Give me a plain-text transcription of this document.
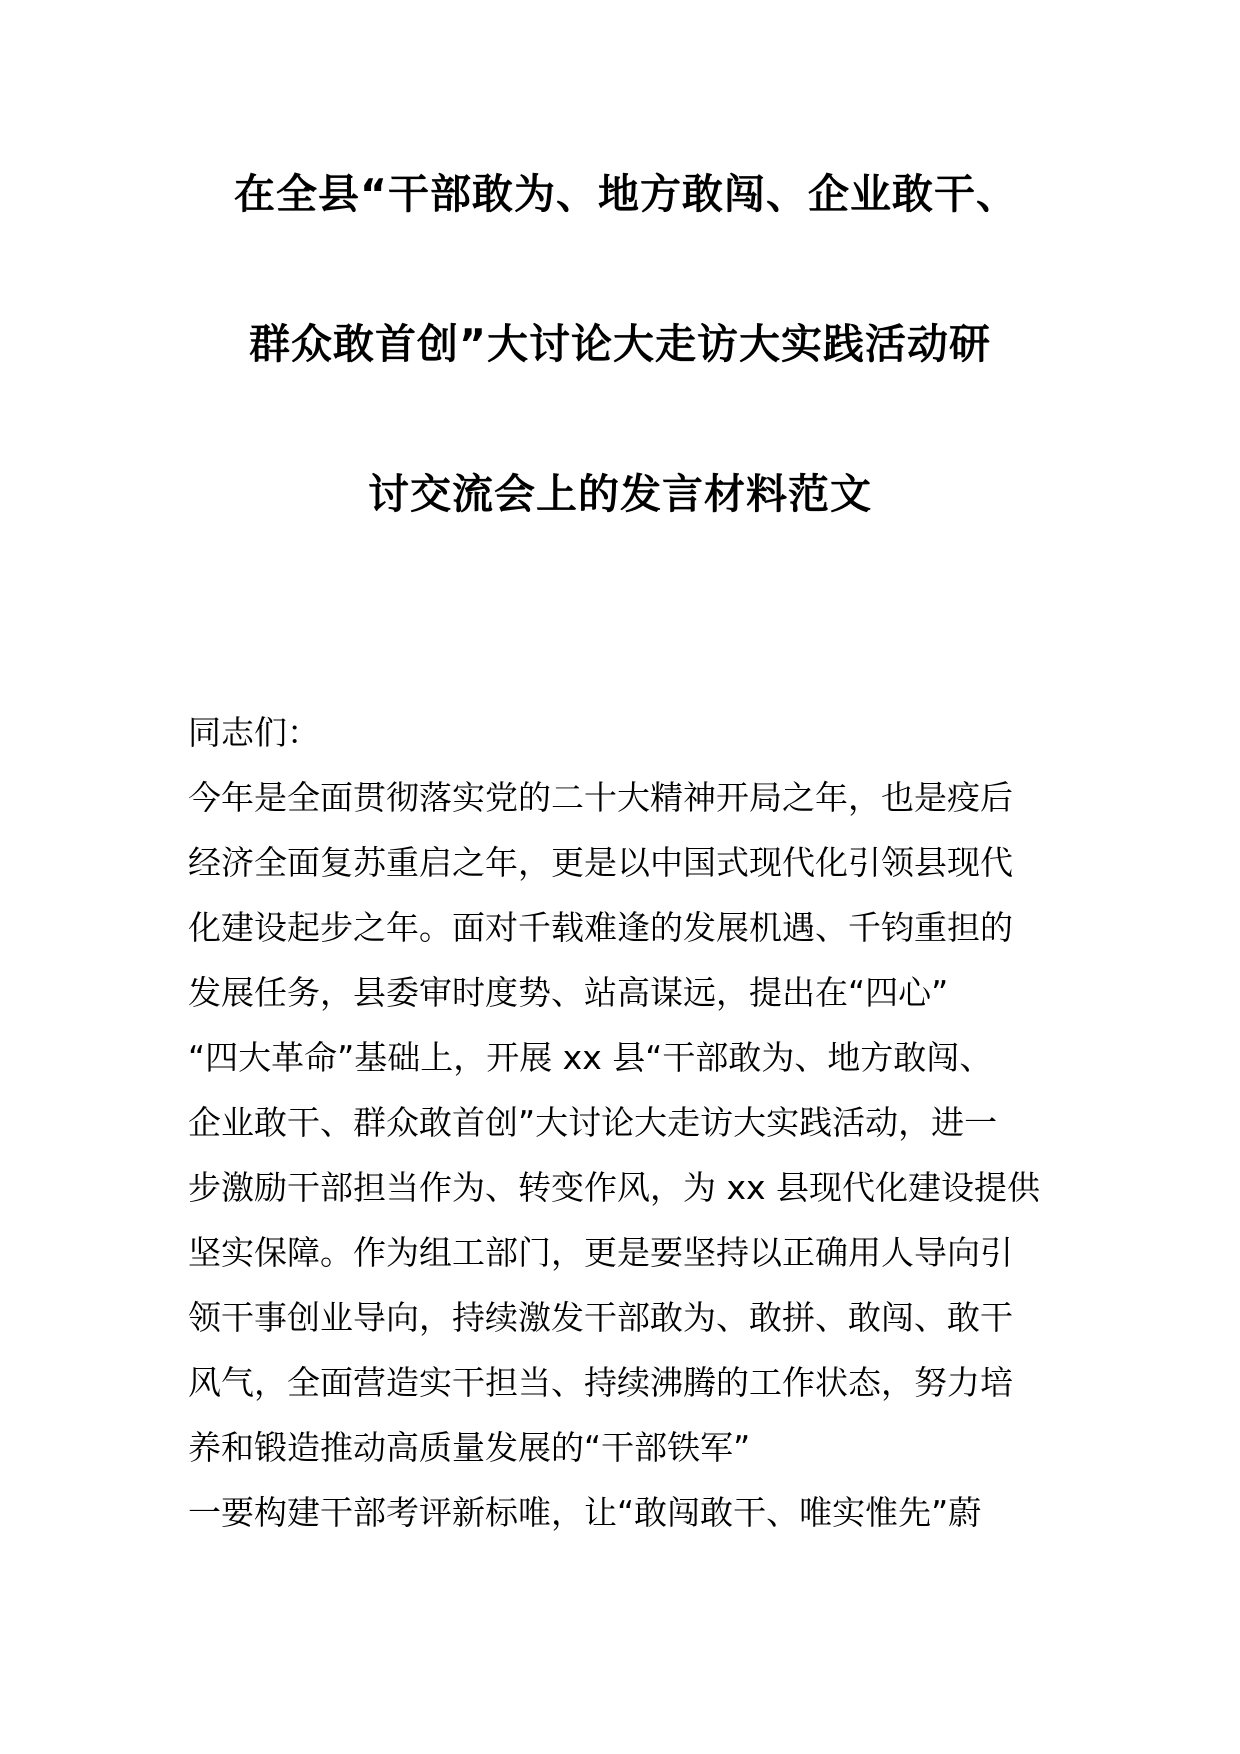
在全县“干部敢为、地方敢闯、企业敢干、
群众敢首创”大讨论大走访大实践活动研
讨交流会上的发言材料范文
同志们：
今年是全面贯彻落实党的二十大精神开局之年，也是疫后
经济全面复苏重启之年，更是以中国式现代化引领县现代
化建设起步之年。面对千载难逢的发展机遇、千钧重担的
发展任务，县委审时度势、站高谋远，提出在“四心”
“四大革命”基础上，开展 xx 县“干部敢为、地方敢闯、
企业敢干、群众敢首创”大讨论大走访大实践活动，进一
步激励干部担当作为、转变作风，为 xx 县现代化建设提供
坚实保障。作为组工部门，更是要坚持以正确用人导向引
领干事创业导向，持续激发干部敢为、敢拼、敢闯、敢干
风气，全面营造实干担当、持续沸腾的工作状态，努力培
养和锻造推动高质量发展的“干部铁军”
一要构建干部考评新标唯，让“敢闯敢干、唯实惟先”蔚
